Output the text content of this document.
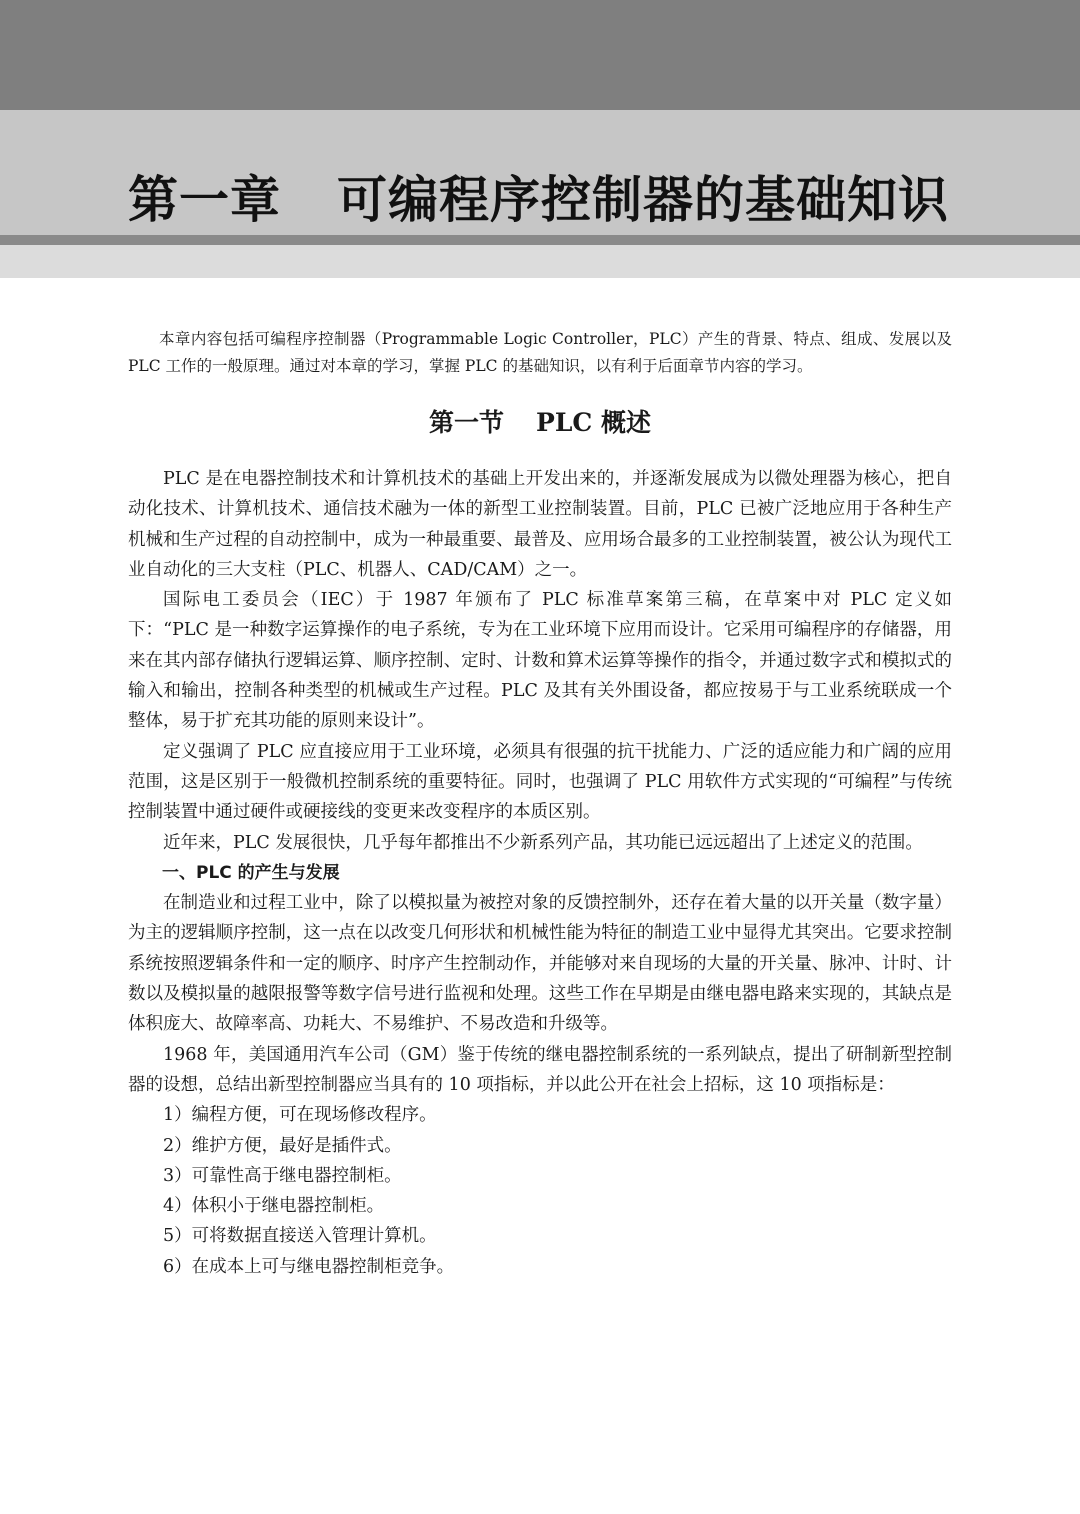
第一章 可编程序控制器的基础知识

本章内容包括可编程序控制器（Programmable Logic Controller，PLC）产生的背景、特点、组成、发展以及 PLC 工作的一般原理。通过对本章的学习，掌握 PLC 的基础知识，以有利于后面章节内容的学习。

第一节 PLC 概述

PLC 是在电器控制技术和计算机技术的基础上开发出来的，并逐渐发展成为以微处理器为核心，把自动化技术、计算机技术、通信技术融为一体的新型工业控制装置。目前，PLC 已被广泛地应用于各种生产机械和生产过程的自动控制中，成为一种最重要、最普及、应用场合最多的工业控制装置，被公认为现代工业自动化的三大支柱（PLC、机器人、CAD/CAM）之一。

国际电工委员会（IEC）于 1987 年颁布了 PLC 标准草案第三稿，在草案中对 PLC 定义如下：“PLC 是一种数字运算操作的电子系统，专为在工业环境下应用而设计。它采用可编程序的存储器，用来在其内部存储执行逻辑运算、顺序控制、定时、计数和算术运算等操作的指令，并通过数字式和模拟式的输入和输出，控制各种类型的机械或生产过程。PLC 及其有关外围设备，都应按易于与工业系统联成一个整体，易于扩充其功能的原则来设计”。

定义强调了 PLC 应直接应用于工业环境，必须具有很强的抗干扰能力、广泛的适应能力和广阔的应用范围，这是区别于一般微机控制系统的重要特征。同时，也强调了 PLC 用软件方式实现的“可编程”与传统控制装置中通过硬件或硬接线的变更来改变程序的本质区别。

近年来，PLC 发展很快，几乎每年都推出不少新系列产品，其功能已远远超出了上述定义的范围。

一、PLC 的产生与发展

在制造业和过程工业中，除了以模拟量为被控对象的反馈控制外，还存在着大量的以开关量（数字量）为主的逻辑顺序控制，这一点在以改变几何形状和机械性能为特征的制造工业中显得尤其突出。它要求控制系统按照逻辑条件和一定的顺序、时序产生控制动作，并能够对来自现场的大量的开关量、脉冲、计时、计数以及模拟量的越限报警等数字信号进行监视和处理。这些工作在早期是由继电器电路来实现的，其缺点是体积庞大、故障率高、功耗大、不易维护、不易改造和升级等。

1968 年，美国通用汽车公司（GM）鉴于传统的继电器控制系统的一系列缺点，提出了研制新型控制器的设想，总结出新型控制器应当具有的 10 项指标，并以此公开在社会上招标，这 10 项指标是：

1）编程方便，可在现场修改程序。
2）维护方便，最好是插件式。
3）可靠性高于继电器控制柜。
4）体积小于继电器控制柜。
5）可将数据直接送入管理计算机。
6）在成本上可与继电器控制柜竞争。
